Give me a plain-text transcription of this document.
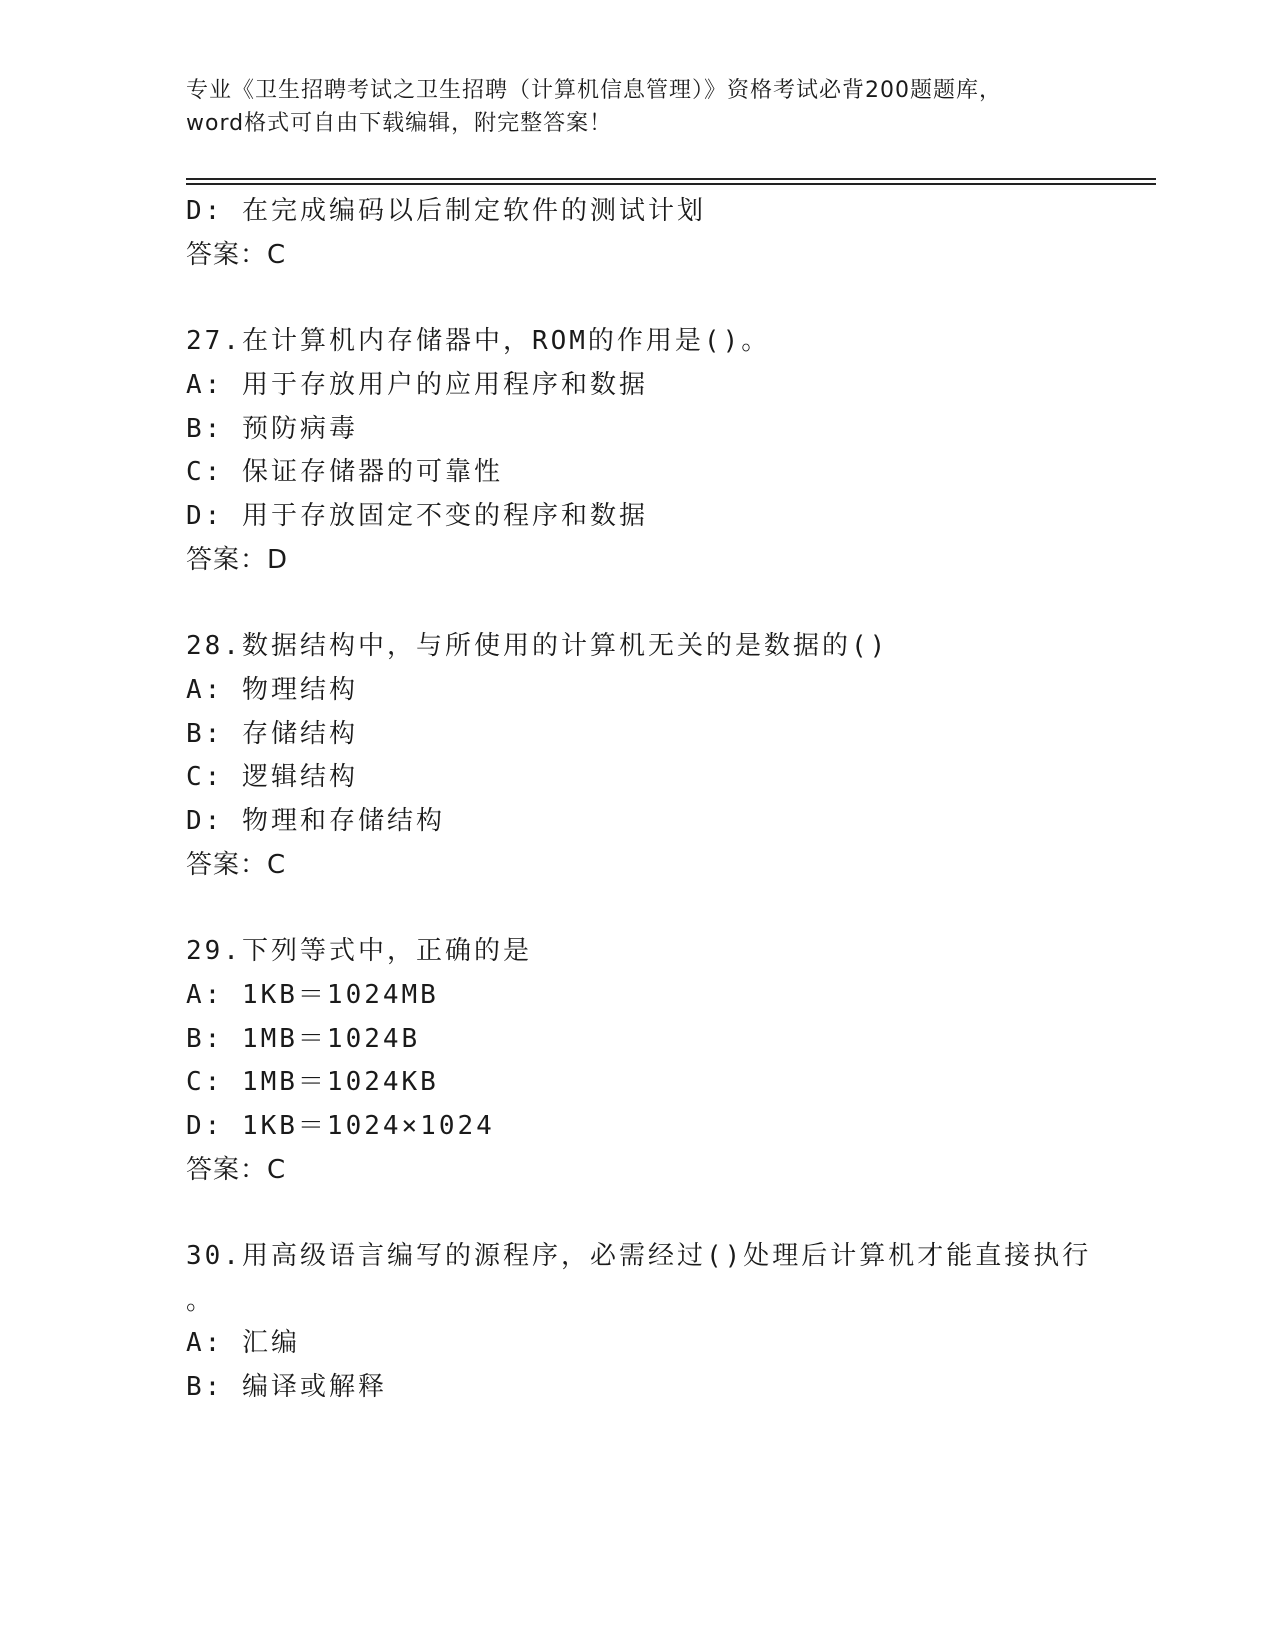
专业《卫生招聘考试之卫生招聘（计算机信息管理）》资格考试必背200题题库，
word格式可自由下载编辑，附完整答案！
D: 在完成编码以后制定软件的测试计划
答案：C
27.在计算机内存储器中，ROM的作用是()。
A: 用于存放用户的应用程序和数据
B: 预防病毒
C: 保证存储器的可靠性
D: 用于存放固定不变的程序和数据
答案：D
28.数据结构中，与所使用的计算机无关的是数据的()
A: 物理结构
B: 存储结构
C: 逻辑结构
D: 物理和存储结构
答案：C
29.下列等式中，正确的是
A: 1KB＝1024MB
B: 1MB＝1024B
C: 1MB＝1024KB
D: 1KB＝1024×1024
答案：C
30.用高级语言编写的源程序，必需经过()处理后计算机才能直接执行
。
A: 汇编
B: 编译或解释
